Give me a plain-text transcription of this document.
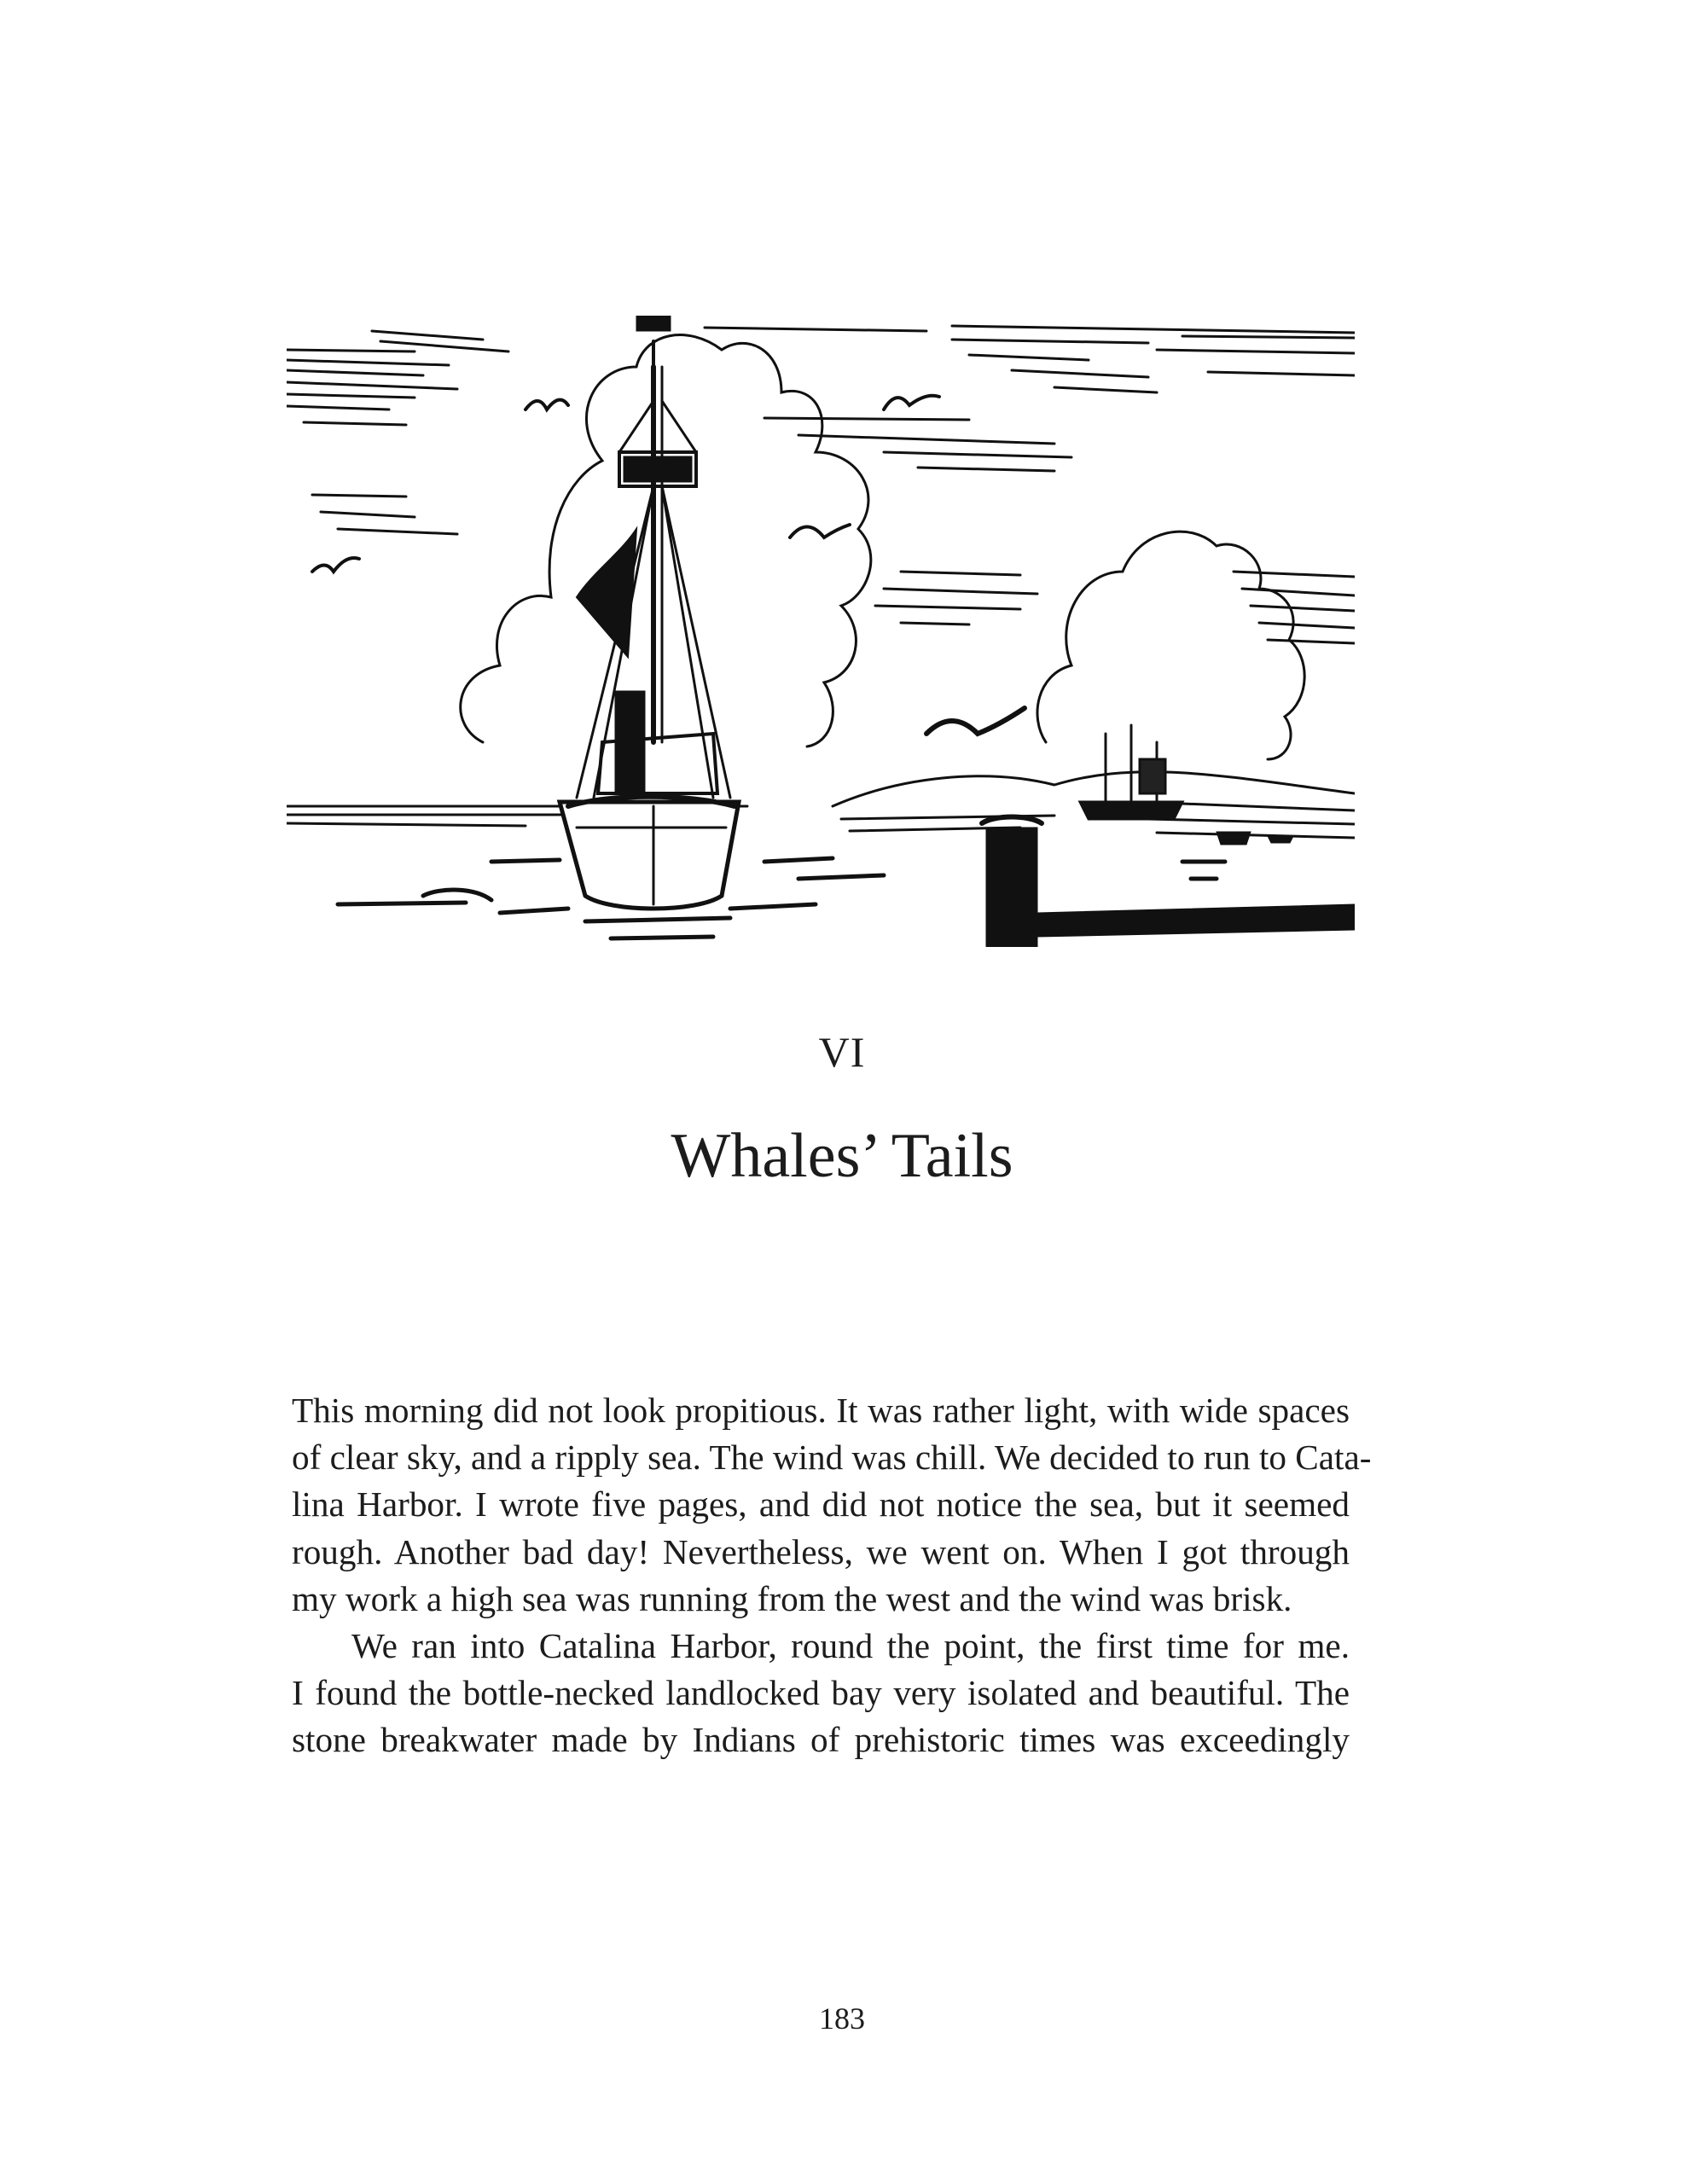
VI
Whales’ Tails

This morning did not look propitious. It was rather light, with wide spaces
of clear sky, and a ripply sea. The wind was chill. We decided to run to Cata-
lina Harbor. I wrote five pages, and did not notice the sea, but it seemed
rough. Another bad day! Nevertheless, we went on. When I got through
my work a high sea was running from the west and the wind was brisk.

We ran into Catalina Harbor, round the point, the first time for me.
I found the bottle-necked landlocked bay very isolated and beautiful. The
stone breakwater made by Indians of prehistoric times was exceedingly

183
